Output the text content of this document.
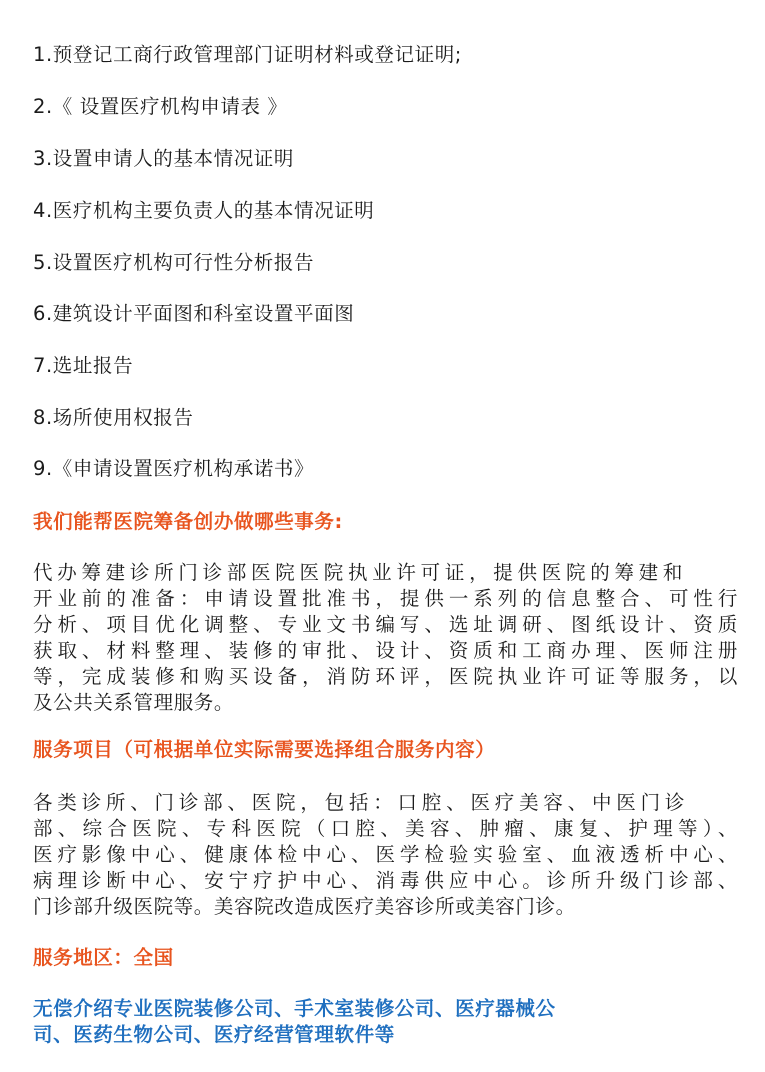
1.预登记工商行政管理部门证明材料或登记证明;
2.《 设置医疗机构申请表 》
3.设置申请人的基本情况证明
4.医疗机构主要负责人的基本情况证明
5.设置医疗机构可行性分析报告
6.建筑设计平面图和科室设置平面图
7.选址报告
8.场所使用权报告
9.《申请设置医疗机构承诺书》
我们能帮医院筹备创办做哪些事务:
代办筹建诊所门诊部医院医院执业许可证，提供医院的筹建和
开业前的准备：申请设置批准书，提供一系列的信息整合、可性行
分析、项目优化调整、专业文书编写、选址调研、图纸设计、资质
获取、材料整理、装修的审批、设计、资质和工商办理、医师注册
等，完成装修和购买设备，消防环评，医院执业许可证等服务，以
及公共关系管理服务。
服务项目（可根据单位实际需要选择组合服务内容）
各类诊所、门诊部、医院，包括：口腔、医疗美容、中医门诊
部、综合医院、专科医院（口腔、美容、肿瘤、康复、护理等）、
医疗影像中心、健康体检中心、医学检验实验室、血液透析中心、
病理诊断中心、安宁疗护中心、消毒供应中心。诊所升级门诊部、
门诊部升级医院等。美容院改造成医疗美容诊所或美容门诊。
服务地区：全国
无偿介绍专业医院装修公司、手术室装修公司、医疗器械公
司、医药生物公司、医疗经营管理软件等
